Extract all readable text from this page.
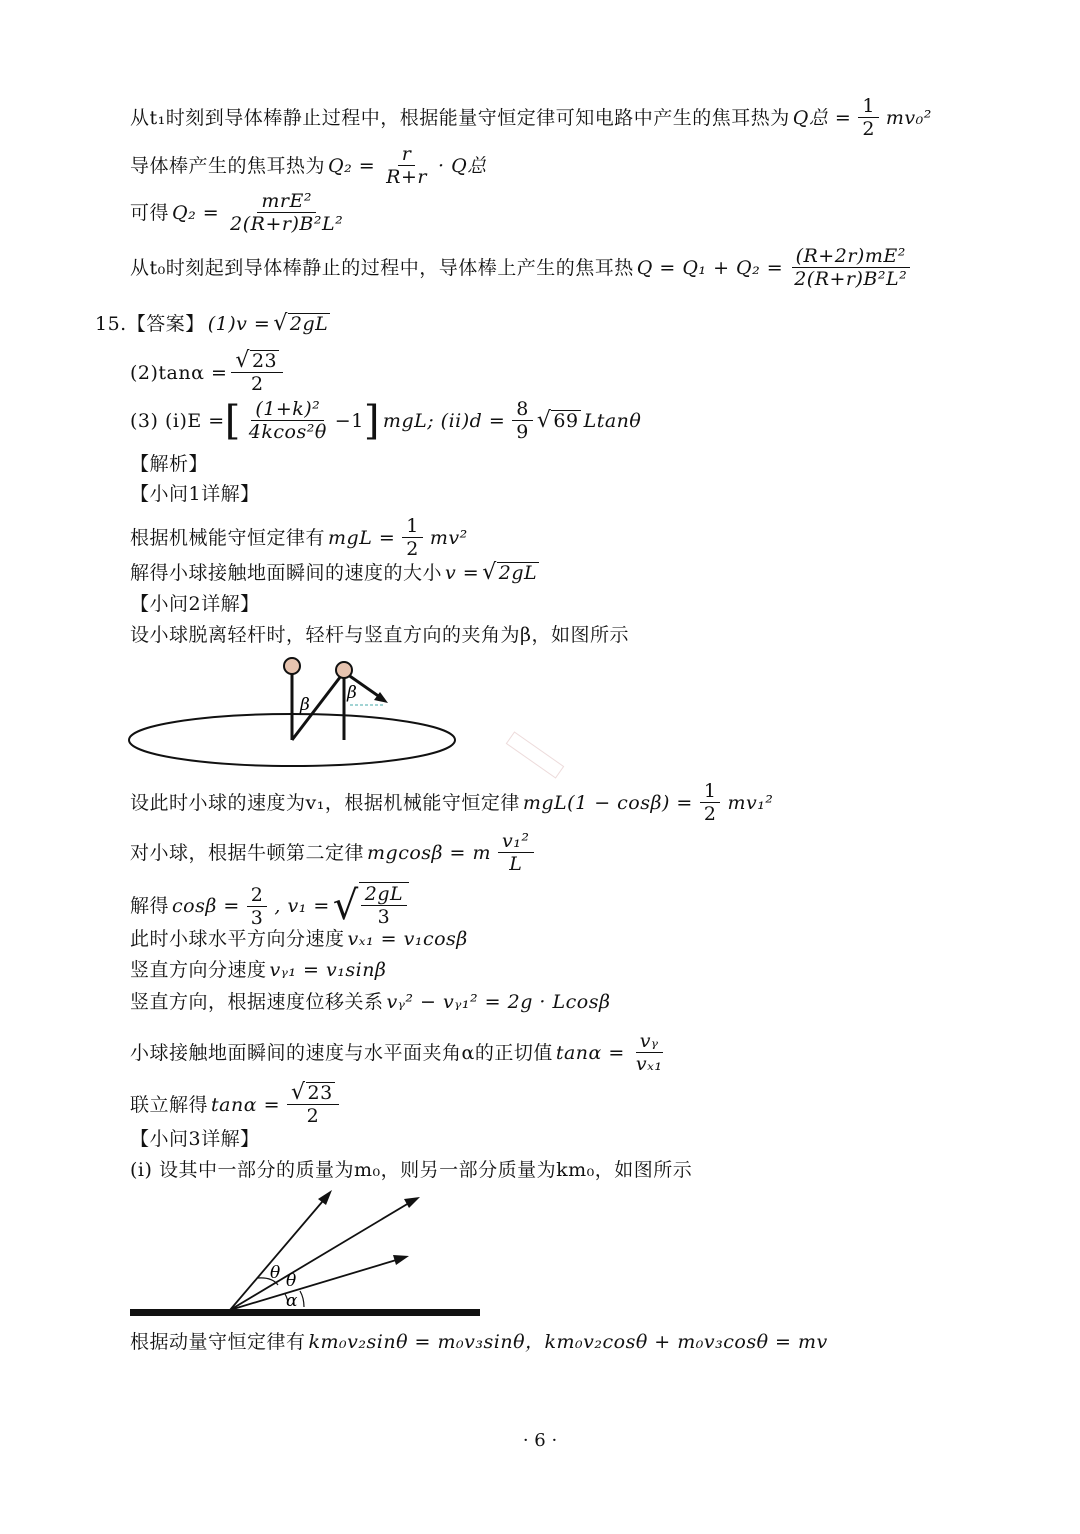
从t₁时刻到导体棒静止过程中，根据能量守恒定律可知电路中产生的焦耳热为 Q总 = $\frac{1}{2} mv_0^2$
导体棒产生的焦耳热为 $Q_2 = \frac{r}{R+r} \cdot Q$总
可得 $Q_2 = \frac{\text{mrE²}}{\text{2(R+r)B²L²}}$
从t₀时刻起到导体棒静止的过程中，导体棒上产生的焦耳热 $Q = Q_1 + Q_2 = \frac{\text{(R+2r)mE²}}{\text{2(R+r)B²L²}}$
15.【答案】 (1)v = √ 2gL
$(2)\tan\alpha = \frac{√ 23}{2}$
(3) (i)E = [ $\frac{\text{(1+k)²}}{\text{4kcos²θ}} -1$ ] mgL; $(ii)d = \frac{8}{9}$ √ 69 Ltanθ
【解析】
【小问1详解】
根据机械能守恒定律有 mgL = $\frac{1}{2} mv^2$
解得小球接触地面瞬间的速度的大小 v = √ 2gL
【小问2详解】
设小球脱离轻杆时，轻杆与竖直方向的夹角为β，如图所示
β
β
设此时小球的速度为v₁，根据机械能守恒定律 $mgL(1 - \cos\beta) = \frac{1}{2} mv_1^2$
对小球，根据牛顿第二定律 mgcosβ = m $\frac{\text{v₁²}}{L}$
解得 $\cos\beta = \frac{2}{3}$ , v₁ = √ $\frac{2gL}{3}$
此时小球水平方向分速度 vₓ₁ = v₁cosβ
竖直方向分速度 vᵧ₁ = v₁sinβ
竖直方向，根据速度位移关系 vᵧ² − vᵧ₁² = 2g · Lcosβ
小球接触地面瞬间的速度与水平面夹角α的正切值 $\tan\alpha = \frac{\text{vᵧ}}{\text{vₓ₁}}$
联立解得 $\tan\alpha = \frac{√ 23}{2}$
【小问3详解】
(i) 设其中一部分的质量为m₀，则另一部分质量为km₀，如图所示
θ θ
α
根据动量守恒定律有 km₀v₂sinθ = m₀v₃sinθ，km₀v₂cosθ + m₀v₃cosθ = mv
· 6 ·
